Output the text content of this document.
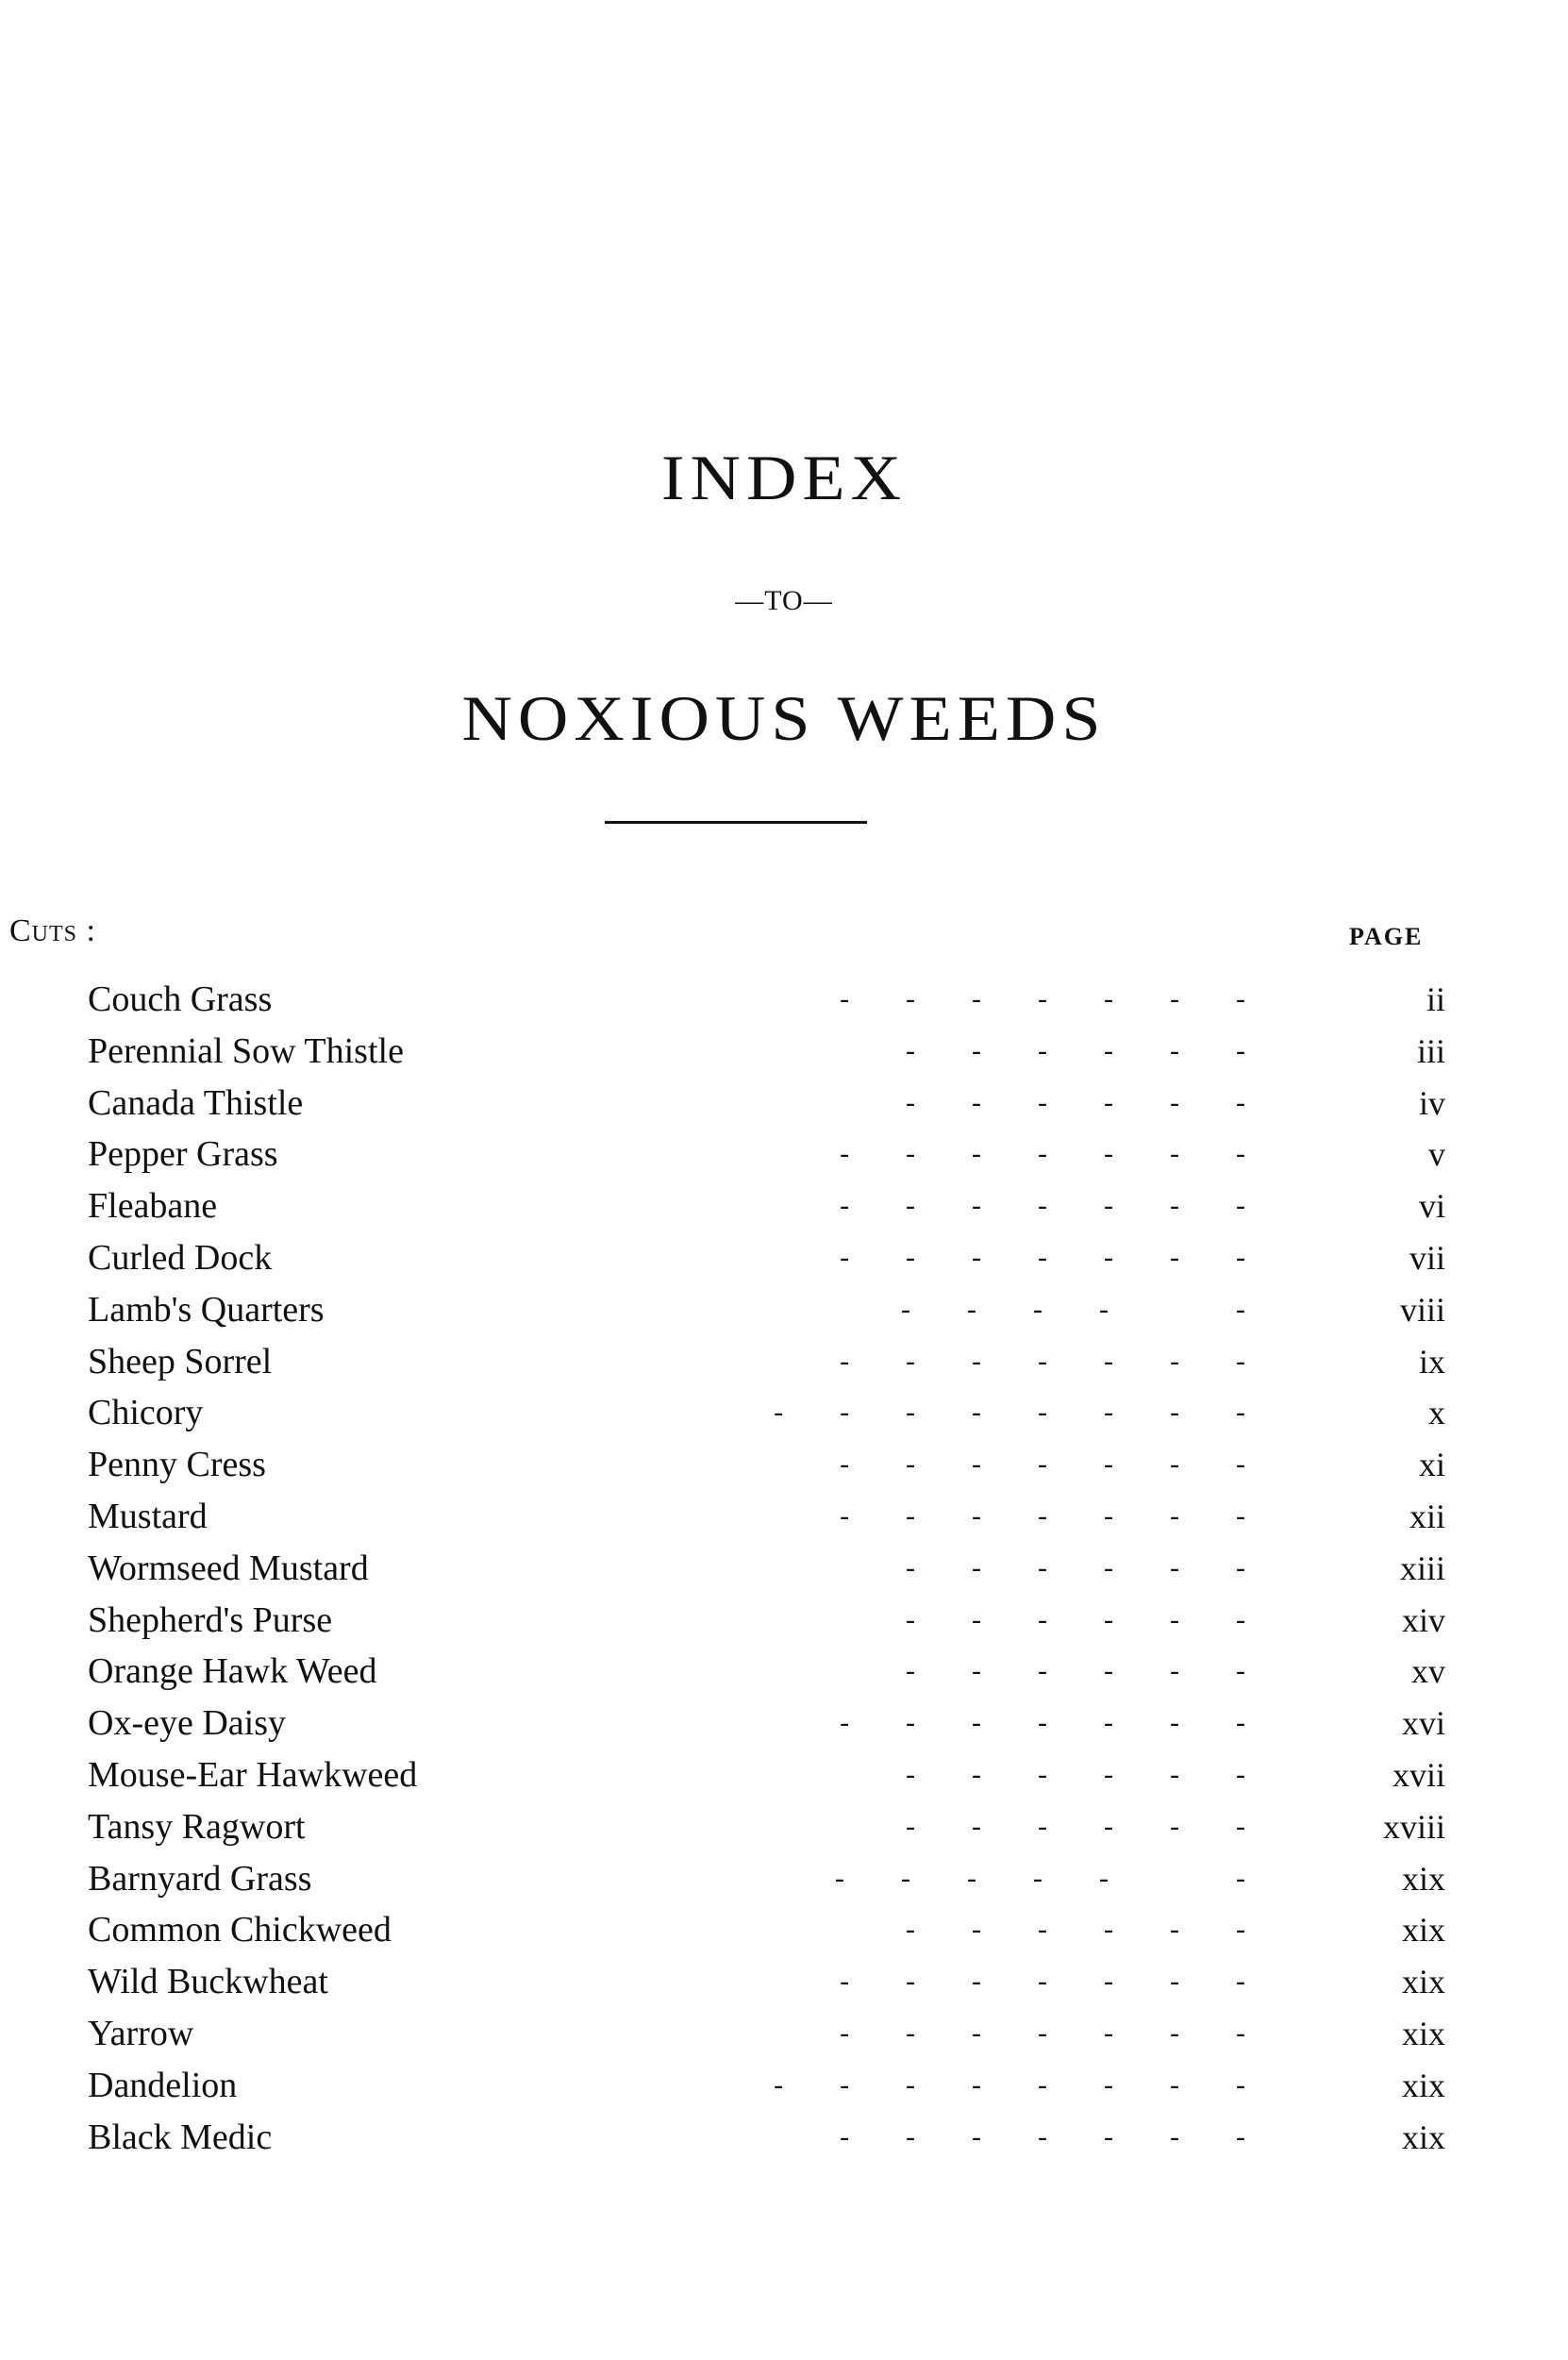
INDEX
—TO—
NOXIOUS WEEDS
Cuts :	PAGE
Couch Grass	-        -        -        -        -        -        -	ii
Perennial Sow Thistle	-        -        -        -        -        -	iii
Canada Thistle	-        -        -        -        -        -	iv
Pepper Grass	-        -        -        -        -        -        -	v
Fleabane	-        -        -        -        -        -        -	vi
Curled Dock	-        -        -        -        -        -        -	vii
Lamb's Quarters	-        -        -        -                  -	viii
Sheep Sorrel	-        -        -        -        -        -        -	ix
Chicory	-        -        -        -        -        -        -        -	x
Penny Cress	-        -        -        -        -        -        -	xi
Mustard	-        -        -        -        -        -        -	xii
Wormseed Mustard	-        -        -        -        -        -	xiii
Shepherd's Purse	-        -        -        -        -        -	xiv
Orange Hawk Weed	-        -        -        -        -        -	xv
Ox-eye Daisy	-        -        -        -        -        -        -	xvi
Mouse-Ear Hawkweed	-        -        -        -        -        -	xvii
Tansy Ragwort	-        -        -        -        -        -	xviii
Barnyard Grass	-        -        -        -        -                  -	xix
Common Chickweed	-        -        -        -        -        -	xix
Wild Buckwheat	-        -        -        -        -        -        -	xix
Yarrow	-        -        -        -        -        -        -	xix
Dandelion	-        -        -        -        -        -        -        -	xix
Black Medic	-        -        -        -        -        -        -	xix
